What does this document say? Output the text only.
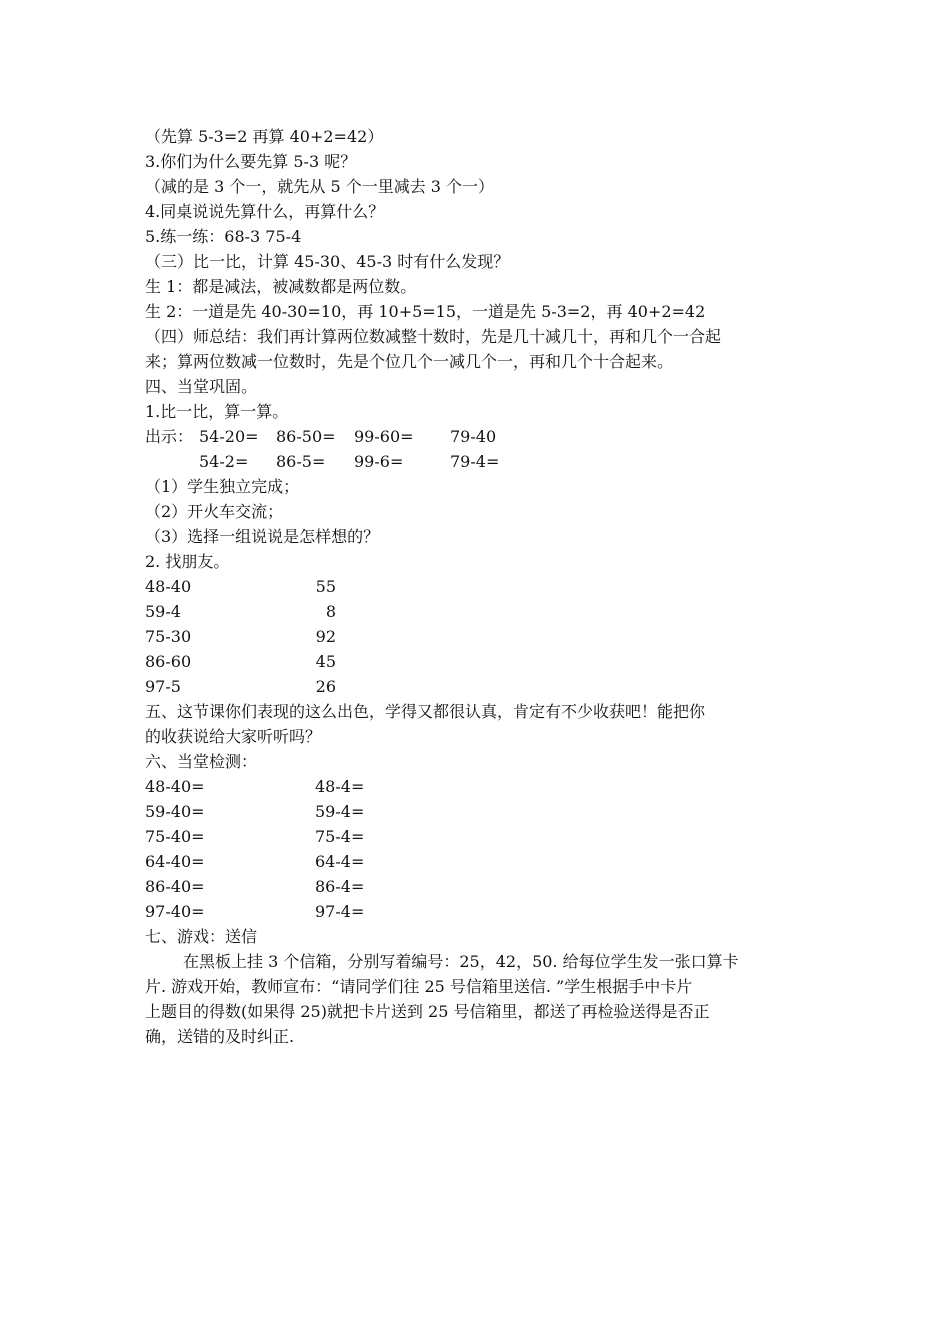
（先算 5-3=2 再算 40+2=42）
3.你们为什么要先算 5-3 呢？
（减的是 3 个一，就先从 5 个一里减去 3 个一）
4.同桌说说先算什么，再算什么？
5.练一练：68-3 75-4
（三）比一比，计算 45-30、45-3 时有什么发现？
生 1：都是减法，被减数都是两位数。
生 2：一道是先 40-30=10，再 10+5=15，一道是先 5-3=2，再 40+2=42
（四）师总结：我们再计算两位数减整十数时，先是几十减几十，再和几个一合起
来；算两位数减一位数时，先是个位几个一减几个一，再和几个十合起来。
四、当堂巩固。
1.比一比，算一算。
出示： 54-20= 86-50= 99-60= 79-40
54-2= 86-5= 99-6=	79-4=
（1）学生独立完成；
（2）开火车交流；
（3）选择一组说说是怎样想的？
2. 找朋友。
48-40	55
59-4	8
75-30	92
86-60	45
97-5	26
五、这节课你们表现的这么出色，学得又都很认真，肯定有不少收获吧！能把你
的收获说给大家听听吗？
六、当堂检测：
48-40=	48-4=
59-40=	59-4=
75-40=	75-4=
64-40=	64-4=
86-40=	86-4=
97-40=	97-4=
七、游戏：送信
在黑板上挂 3 个信箱，分别写着编号：25，42，50. 给每位学生发一张口算卡
片. 游戏开始，教师宣布：“请同学们往 25 号信箱里送信. ”学生根据手中卡片
上题目的得数(如果得 25)就把卡片送到 25 号信箱里，都送了再检验送得是否正
确，送错的及时纠正.
